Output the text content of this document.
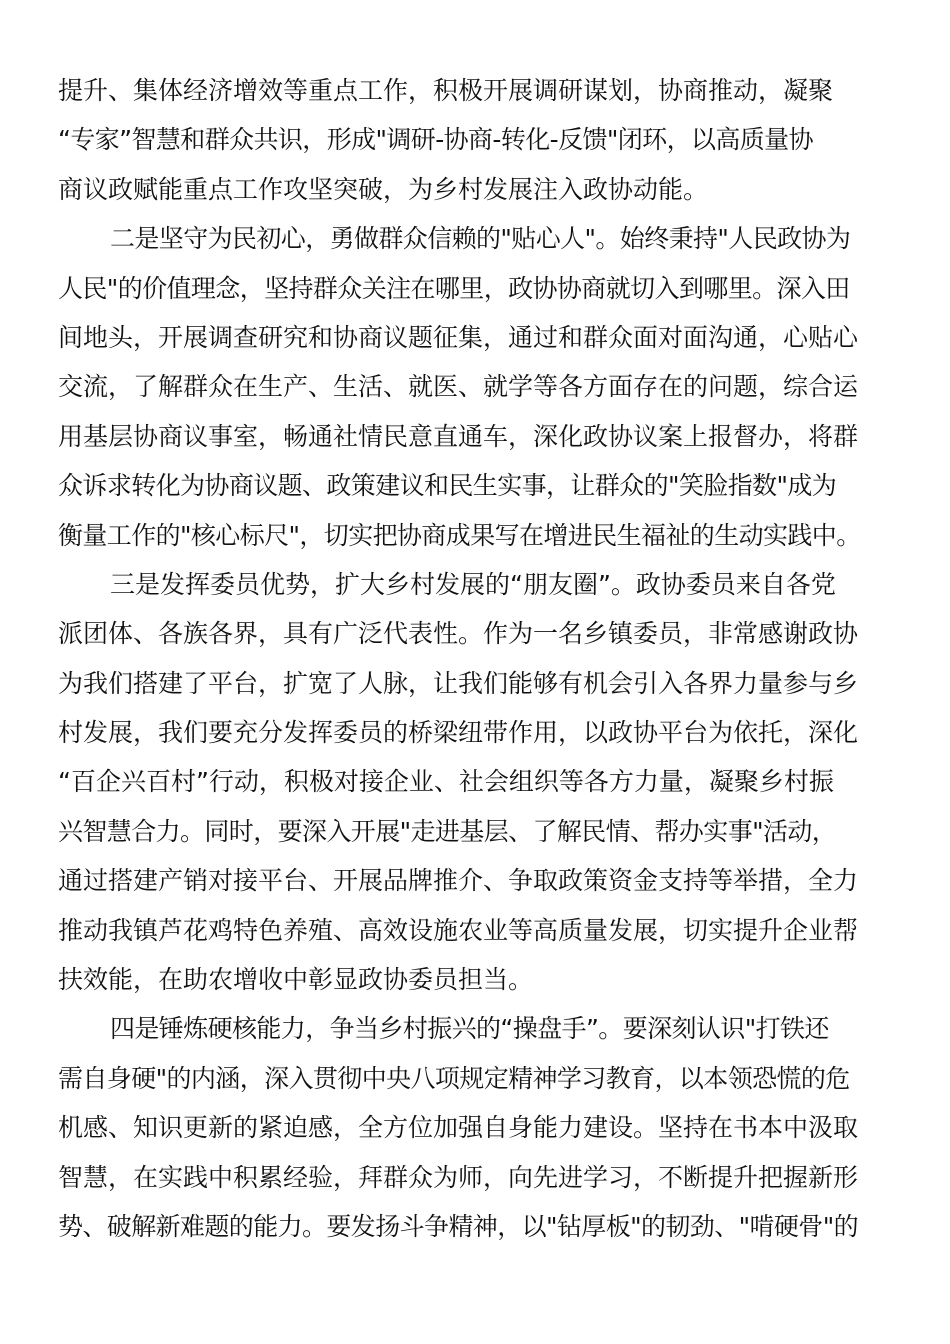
提升、集体经济增效等重点工作，积极开展调研谋划，协商推动，凝聚
“专家”智慧和群众共识，形成"调研-协商-转化-反馈"闭环，以高质量协
商议政赋能重点工作攻坚突破，为乡村发展注入政协动能。
二是坚守为民初心，勇做群众信赖的"贴心人"。始终秉持"人民政协为
人民"的价值理念，坚持群众关注在哪里，政协协商就切入到哪里。深入田
间地头，开展调查研究和协商议题征集，通过和群众面对面沟通，心贴心
交流，了解群众在生产、生活、就医、就学等各方面存在的问题，综合运
用基层协商议事室，畅通社情民意直通车，深化政协议案上报督办，将群
众诉求转化为协商议题、政策建议和民生实事，让群众的"笑脸指数"成为
衡量工作的"核心标尺"，切实把协商成果写在增进民生福祉的生动实践中。
三是发挥委员优势，扩大乡村发展的“朋友圈”。政协委员来自各党
派团体、各族各界，具有广泛代表性。作为一名乡镇委员，非常感谢政协
为我们搭建了平台，扩宽了人脉，让我们能够有机会引入各界力量参与乡
村发展，我们要充分发挥委员的桥梁纽带作用，以政协平台为依托，深化
“百企兴百村”行动，积极对接企业、社会组织等各方力量，凝聚乡村振
兴智慧合力。同时，要深入开展"走进基层、了解民情、帮办实事"活动，
通过搭建产销对接平台、开展品牌推介、争取政策资金支持等举措，全力
推动我镇芦花鸡特色养殖、高效设施农业等高质量发展，切实提升企业帮
扶效能，在助农增收中彰显政协委员担当。
四是锤炼硬核能力，争当乡村振兴的“操盘手”。要深刻认识"打铁还
需自身硬"的内涵，深入贯彻中央八项规定精神学习教育，以本领恐慌的危
机感、知识更新的紧迫感，全方位加强自身能力建设。坚持在书本中汲取
智慧，在实践中积累经验，拜群众为师，向先进学习，不断提升把握新形
势、破解新难题的能力。要发扬斗争精神，以"钻厚板"的韧劲、"啃硬骨"的
